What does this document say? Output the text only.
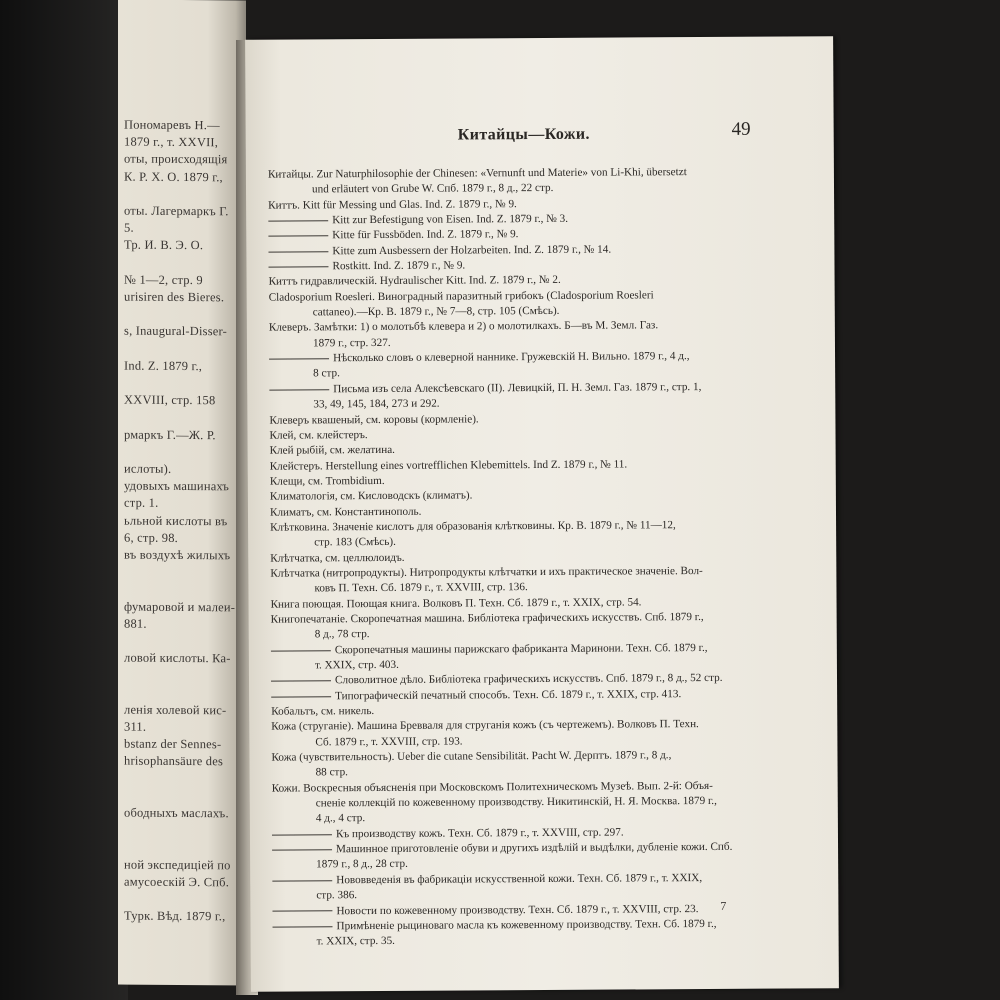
Пономаревъ Н.—
1879 г., т. XXVII,
оты, происходящія
К. Р. Х. О. 1879 г.,
оты. Лагермаркъ Г.
5.
Тр. И. В. Э. О.
№ 1—2, стр. 9
urisiren des Bieres.
s, Inaugural-Disser-
Ind. Z. 1879 г.,
XXVIII, стр. 158
рмаркъ Г.—Ж. Р.
ислоты).
удовыхъ машинахъ
стр. 1.
ьльной кислоты въ
6, стр. 98.
въ воздухѣ жилыхъ
фумаровой и малеи-
881.
ловой кислоты. Ка-
ленія холевой кис-
311.
bstanz der Sennes-
hrisophansäure des
ободныхъ маслахъ.
ной экспедиціей по
амусоескій Э. Спб.
Турк. Вѣд. 1879 г.,
Китайцы—Кожи.	49
Китайцы. Zur Naturphilosophie der Chinesen: «Vernunft und Materie» von Li-Khi, übersetzt
und erläutert von Grube W. Спб. 1879 г., 8 д., 22 стр.
Киттъ. Kitt für Messing und Glas. Ind. Z. 1879 г., № 9.
Kitt zur Befestigung von Eisen. Ind. Z. 1879 г., № 3.
Kitte für Fussböden. Ind. Z. 1879 г., № 9.
Kitte zum Ausbessern der Holzarbeiten. Ind. Z. 1879 г., № 14.
Rostkitt. Ind. Z. 1879 г., № 9.
Киттъ гидравлическій. Hydraulischer Kitt. Ind. Z. 1879 г., № 2.
Cladosporium Roesleri. Виноградный паразитный грибокъ (Cladosporium Roesleri
cattaneo).—Кр. В. 1879 г., № 7—8, стр. 105 (Смѣсь).
Клеверъ. Замѣтки: 1) о молотьбѣ клевера и 2) о молотилкахъ. Б—въ М. Земл. Газ.
1879 г., стр. 327.
Нѣсколько словъ о клеверной наннике. Гружевскій Н. Вильно. 1879 г., 4 д.,
8 стр.
Письма изъ села Алексѣевскаго (II). Левицкій, П. Н. Земл. Газ. 1879 г., стр. 1,
33, 49, 145, 184, 273 и 292.
Клеверъ квашеный, см. коровы (кормленіе).
Клей, см. клейстеръ.
Клей рыбій, см. желатина.
Клейстеръ. Herstellung eines vortrefflichen Klebemittels. Ind Z. 1879 г., № 11.
Клещи, см. Trombidium.
Климатологія, см. Кисловодскъ (климатъ).
Климатъ, см. Константинополь.
Клѣтковина. Значеніе кислотъ для образованія клѣтковины. Кр. В. 1879 г., № 11—12,
стр. 183 (Смѣсь).
Клѣтчатка, см. целлюлоидъ.
Клѣтчатка (нитропродукты). Нитропродукты клѣтчатки и ихъ практическое значеніе. Вол-
ковъ П. Техн. Сб. 1879 г., т. XXVIII, стр. 136.
Книга поющая. Поющая книга. Волковъ П. Техн. Сб. 1879 г., т. XXIX, стр. 54.
Книгопечатаніе. Скоропечатная машина. Библіотека графическихъ искусствъ. Спб. 1879 г.,
8 д., 78 стр.
Скоропечатныя машины парижскаго фабриканта Маринони. Техн. Сб. 1879 г.,
т. XXIX, стр. 403.
Словолитное дѣло. Библіотека графическихъ искусствъ. Спб. 1879 г., 8 д., 52 стр.
Типографическій печатный способъ. Техн. Сб. 1879 г., т. XXIX, стр. 413.
Кобальтъ, см. никель.
Кожа (струганіе). Машина Бревваля для струганія кожъ (съ чертежемъ). Волковъ П. Техн.
Сб. 1879 г., т. XXVIII, стр. 193.
Кожа (чувствительность). Ueber die cutane Sensibilität. Pacht W. Дерптъ. 1879 г., 8 д.,
88 стр.
Кожи. Воскресныя объясненія при Московскомъ Политехническомъ Музеѣ. Вып. 2-й: Объя-
сненіе коллекцій по кожевенному производству. Никитинскій, Н. Я. Москва. 1879 г.,
4 д., 4 стр.
Къ производству кожъ. Техн. Сб. 1879 г., т. XXVIII, стр. 297.
Машинное приготовленіе обуви и другихъ издѣлій и выдѣлки, дубленіе кожи. Спб.
1879 г., 8 д., 28 стр.
Нововведенія въ фабрикаціи искусственной кожи. Техн. Сб. 1879 г., т. XXIX,
стр. 386.
Новости по кожевенному производству. Техн. Сб. 1879 г., т. XXVIII, стр. 23.
Примѣненіе рыциноваго масла къ кожевенному производству. Техн. Сб. 1879 г.,
т. XXIX, стр. 35.
7
